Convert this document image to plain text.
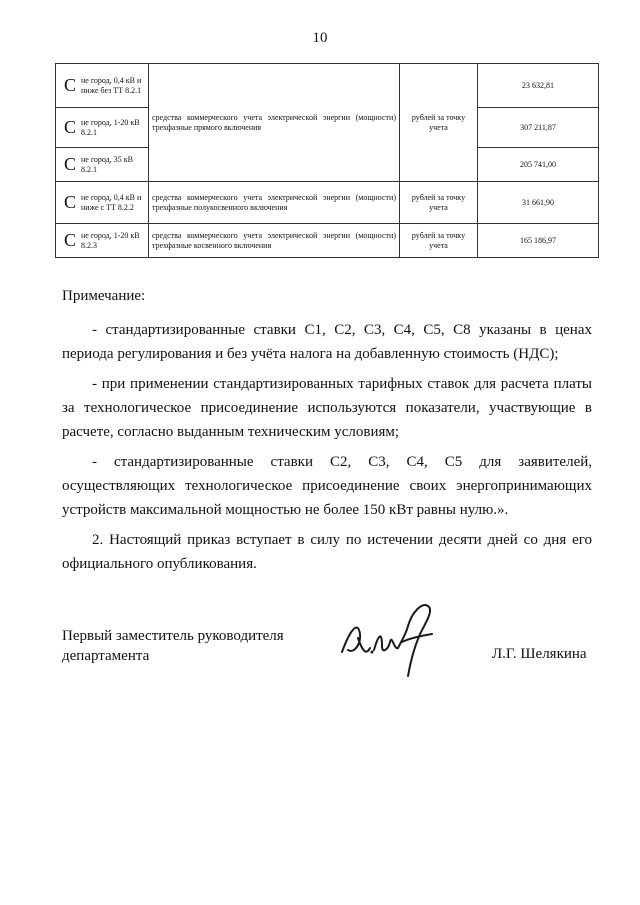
10
С не город, 0,4 кВ и ниже без ТТ 8.2.1	средства коммерческого учета электрической энергии (мощности) трехфазные прямого включения	рублей за точку учета	23 632,81

С не город, 1-20 кВ 8.2.1			307 211,87

С не город, 35 кВ 8.2.1			205 741,00

С не город, 0,4 кВ и ниже с ТТ 8.2.2	средства коммерческого учета электрической энергии (мощности) трехфазные полукосвенного включения	рублей за точку учета	31 661,90

С не город, 1-20 кВ 8.2.3	средства коммерческого учета электрической энергии (мощности) трехфазные косвенного включения	рублей за точку учета	165 186,97
Примечание:

- стандартизированные ставки С1, С2, С3, С4, С5, С8 указаны в ценах

периода регулирования и без учёта налога на добавленную стоимость (НДС);

- при применении стандартизированных тарифных ставок для расчета платы

за технологическое присоединение используются показатели, участвующие в

расчете, согласно выданным техническим условиям;

- стандартизированные ставки С2, С3, С4, С5 для заявителей,

осуществляющих технологическое присоединение своих энергопринимающих

устройств максимальной мощностью не более 150 кВт равны нулю.».

2. Настоящий приказ вступает в силу по истечении десяти дней со дня его

официального опубликования.

Первый заместитель руководителя
департамента	Л.Г. Шелякина
